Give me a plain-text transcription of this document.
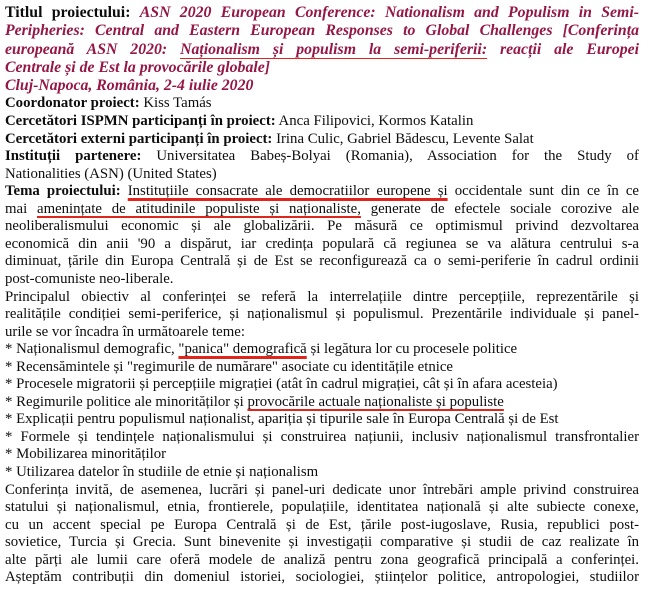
Titlul proiectului: ASN 2020 European Conference: Nationalism and Populism in Semi-
Peripheries: Central and Eastern European Responses to Global Challenges [Conferința
europeană ASN 2020: Naționalism și populism la semi-periferii: reacții ale Europei
Centrale și de Est la provocările globale]
Cluj-Napoca, România, 2-4 iulie 2020
Coordonator proiect: Kiss Tamás
Cercetători ISPMN participanți în proiect: Anca Filipovici, Kormos Katalin
Cercetători externi participanți în proiect: Irina Culic, Gabriel Bădescu, Levente Salat
Instituții partenere: Universitatea Babeș-Bolyai (Romania), Association for the Study of
Nationalities (ASN) (United States)
Tema proiectului: Instituțiile consacrate ale democratiilor europene și occidentale sunt din ce în ce
mai amenințate de atitudinile populiste și naționaliste, generate de efectele sociale corozive ale
neoliberalismului economic și ale globalizării. Pe măsură ce optimismul privind dezvoltarea
economică din anii '90 a dispărut, iar credința populară că regiunea se va alătura centrului s-a
diminuat, țările din Europa Centrală și de Est se reconfigurează ca o semi-periferie în cadrul ordinii
post-comuniste neo-liberale.
Principalul obiectiv al conferinței se referă la interrelațiile dintre percepțiile, reprezentările și
realitățile condiției semi-periferice, și naționalismul și populismul. Prezentările individuale și panel-
urile se vor încadra în următoarele teme:
* Naționalismul demografic, "panica" demografică și legătura lor cu procesele politice
* Recensămintele și "regimurile de numărare" asociate cu identitățile etnice
* Procesele migratorii și percepțiile migrației (atât în cadrul migrației, cât și în afara acesteia)
* Regimurile politice ale minorităților și provocările actuale naționaliste și populiste
* Explicații pentru populismul naționalist, apariția și tipurile sale în Europa Centrală și de Est
* Formele și tendințele naționalismului și construirea națiunii, inclusiv naționalismul transfrontalier
* Mobilizarea minorităților
* Utilizarea datelor în studiile de etnie și naționalism
Conferința invită, de asemenea, lucrări și panel-uri dedicate unor întrebări ample privind construirea
statului și naționalismul, etnia, frontierele, populațiile, identitatea națională și alte subiecte conexe,
cu un accent special pe Europa Centrală și de Est, țările post-iugoslave, Rusia, republici post-
sovietice, Turcia și Grecia. Sunt binevenite și investigații comparative și studii de caz realizate în
alte părți ale lumii care oferă modele de analiză pentru zona geografică principală a conferinței.
Așteptăm contribuții din domeniul istoriei, sociologiei, științelor politice, antropologiei, studiilor
